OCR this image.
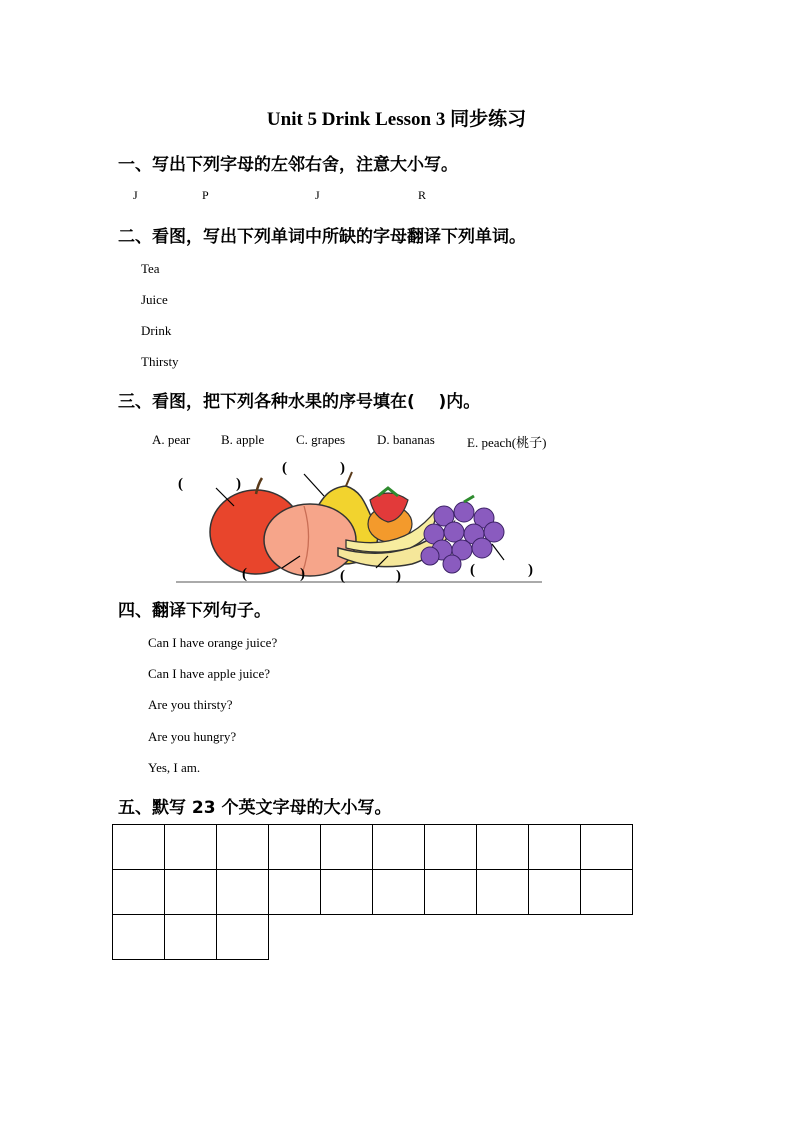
Unit 5 Drink Lesson 3 同步练习
一、写出下列字母的左邻右舍，注意大小写。
J	P	J	R
二、看图，写出下列单词中所缺的字母翻译下列单词。
Tea
Juice
Drink
Thirsty
三、看图，把下列各种水果的序号填在(    )内。
A. pear B. apple C. grapes D. bananas E. peach(桃子)
(	)
(	)
(	) (	)	(	)
四、翻译下列句子。
Can I have orange juice?
Can I have apple juice?
Are you thirsty?
Are you hungry?
Yes, I am.
五、默写 23 个英文字母的大小写。
